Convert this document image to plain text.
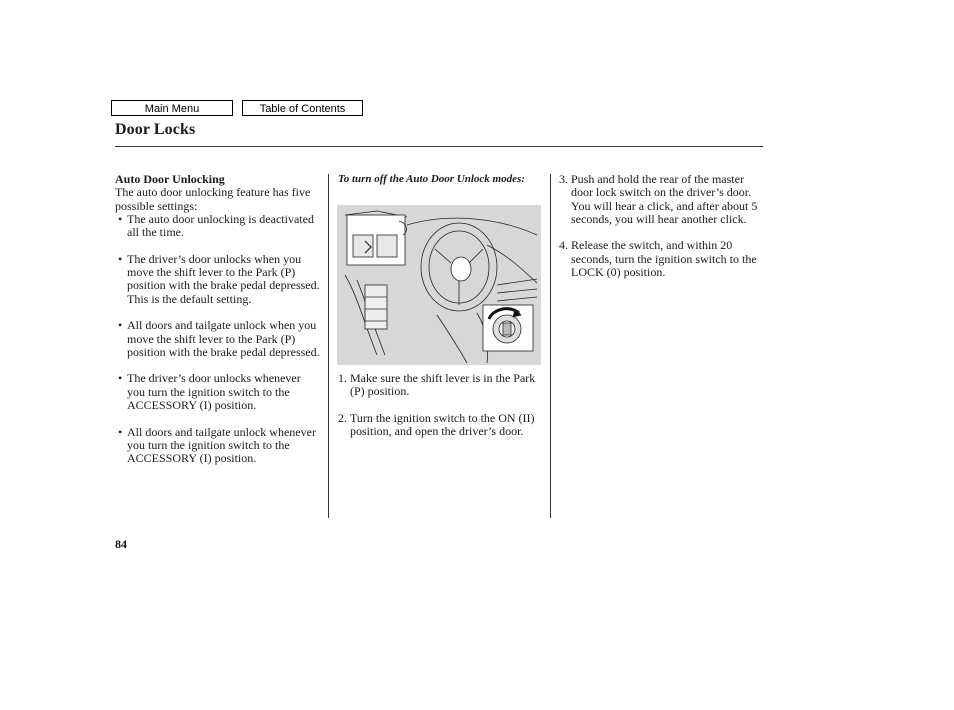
Main Menu	Table of Contents
Door Locks
Auto Door Unlocking

The auto door unlocking feature has five possible settings:

• The auto door unlocking is deactivated all the time.

• The driver’s door unlocks when you move the shift lever to the Park (P) position with the brake pedal depressed.

This is the default setting.

• All doors and tailgate unlock when you move the shift lever to the Park (P) position with the brake pedal depressed.

• The driver’s door unlocks whenever you turn the ignition switch to the ACCESSORY (I) position.

• All doors and tailgate unlock whenever you turn the ignition switch to the ACCESSORY (I) position.

To turn off the Auto Door Unlock modes:

1. Make sure the shift lever is in the Park (P) position.

2. Turn the ignition switch to the ON (II) position, and open the driver’s door.

3. Push and hold the rear of the master door lock switch on the driver’s door. You will hear a click, and after about 5 seconds, you will hear another click.

4. Release the switch, and within 20 seconds, turn the ignition switch to the LOCK (0) position.

84
